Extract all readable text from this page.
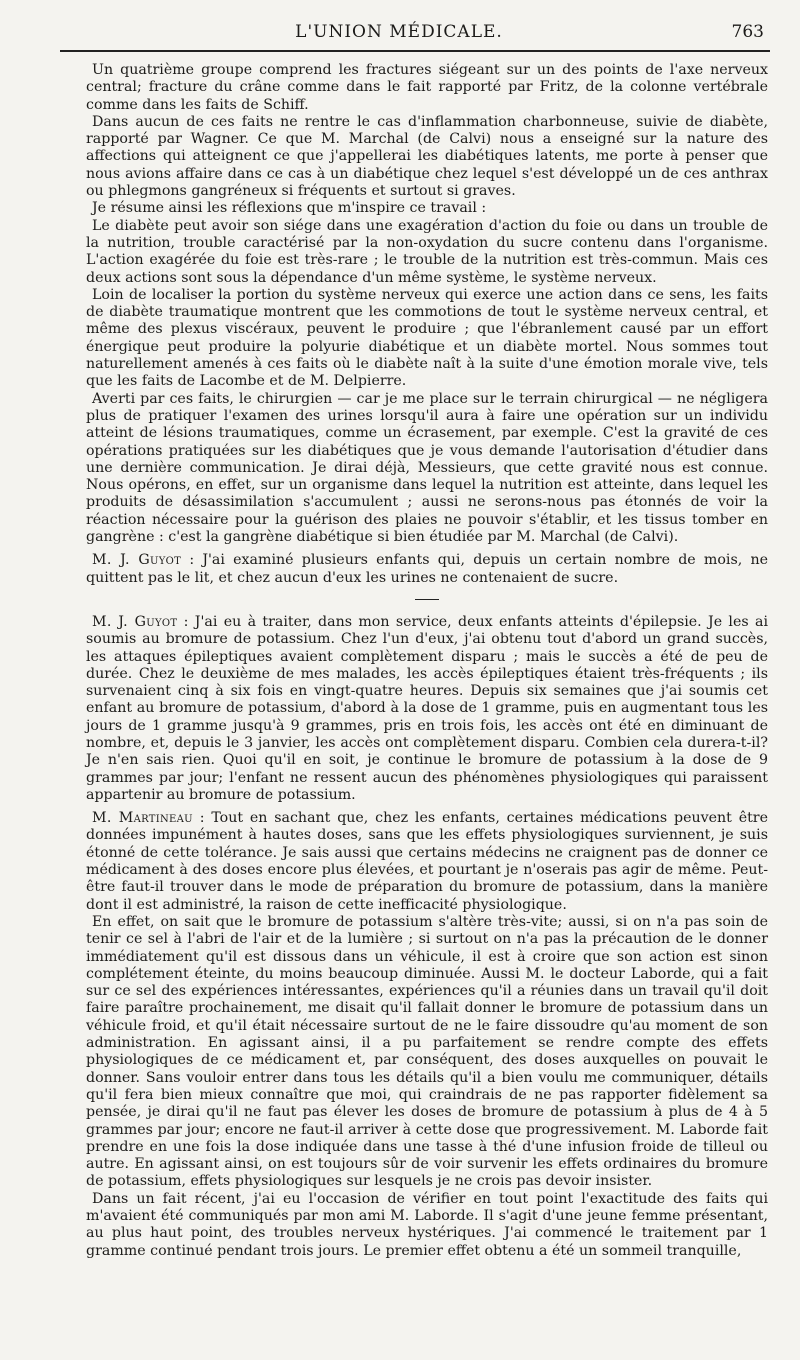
L'UNION MÉDICALE.	763

Un quatrième groupe comprend les fractures siégeant sur un des points de l'axe nerveux central; fracture du crâne comme dans le fait rapporté par Fritz, de la colonne vertébrale comme dans les faits de Schiff.

Dans aucun de ces faits ne rentre le cas d'inflammation charbonneuse, suivie de diabète, rapporté par Wagner. Ce que M. Marchal (de Calvi) nous a enseigné sur la nature des affections qui atteignent ce que j'appellerai les diabétiques latents, me porte à penser que nous avions affaire dans ce cas à un diabétique chez lequel s'est développé un de ces anthrax ou phlegmons gangréneux si fréquents et surtout si graves.

Je résume ainsi les réflexions que m'inspire ce travail :

Le diabète peut avoir son siége dans une exagération d'action du foie ou dans un trouble de la nutrition, trouble caractérisé par la non-oxydation du sucre contenu dans l'organisme. L'action exagérée du foie est très-rare ; le trouble de la nutrition est très-commun. Mais ces deux actions sont sous la dépendance d'un même système, le système nerveux.

Loin de localiser la portion du système nerveux qui exerce une action dans ce sens, les faits de diabète traumatique montrent que les commotions de tout le système nerveux central, et même des plexus viscéraux, peuvent le produire ; que l'ébranlement causé par un effort énergique peut produire la polyurie diabétique et un diabète mortel. Nous sommes tout naturellement amenés à ces faits où le diabète naît à la suite d'une émotion morale vive, tels que les faits de Lacombe et de M. Delpierre.

Averti par ces faits, le chirurgien — car je me place sur le terrain chirurgical — ne négligera plus de pratiquer l'examen des urines lorsqu'il aura à faire une opération sur un individu atteint de lésions traumatiques, comme un écrasement, par exemple. C'est la gravité de ces opérations pratiquées sur les diabétiques que je vous demande l'autorisation d'étudier dans une dernière communication. Je dirai déjà, Messieurs, que cette gravité nous est connue. Nous opérons, en effet, sur un organisme dans lequel la nutrition est atteinte, dans lequel les produits de désassimilation s'accumulent ; aussi ne serons-nous pas étonnés de voir la réaction nécessaire pour la guérison des plaies ne pouvoir s'établir, et les tissus tomber en gangrène : c'est la gangrène diabétique si bien étudiée par M. Marchal (de Calvi).

M. J. Guyot : J'ai examiné plusieurs enfants qui, depuis un certain nombre de mois, ne quittent pas le lit, et chez aucun d'eux les urines ne contenaient de sucre.

M. J. Guyot : J'ai eu à traiter, dans mon service, deux enfants atteints d'épilepsie. Je les ai soumis au bromure de potassium. Chez l'un d'eux, j'ai obtenu tout d'abord un grand succès, les attaques épileptiques avaient complètement disparu ; mais le succès a été de peu de durée. Chez le deuxième de mes malades, les accès épileptiques étaient très-fréquents ; ils survenaient cinq à six fois en vingt-quatre heures. Depuis six semaines que j'ai soumis cet enfant au bromure de potassium, d'abord à la dose de 1 gramme, puis en augmentant tous les jours de 1 gramme jusqu'à 9 grammes, pris en trois fois, les accès ont été en diminuant de nombre, et, depuis le 3 janvier, les accès ont complètement disparu. Combien cela durera-t-il? Je n'en sais rien. Quoi qu'il en soit, je continue le bromure de potassium à la dose de 9 grammes par jour; l'enfant ne ressent aucun des phénomènes physiologiques qui paraissent appartenir au bromure de potassium.

M. Martineau : Tout en sachant que, chez les enfants, certaines médications peuvent être données impunément à hautes doses, sans que les effets physiologiques surviennent, je suis étonné de cette tolérance. Je sais aussi que certains médecins ne craignent pas de donner ce médicament à des doses encore plus élevées, et pourtant je n'oserais pas agir de même. Peut-être faut-il trouver dans le mode de préparation du bromure de potassium, dans la manière dont il est administré, la raison de cette inefficacité physiologique.

En effet, on sait que le bromure de potassium s'altère très-vite; aussi, si on n'a pas soin de tenir ce sel à l'abri de l'air et de la lumière ; si surtout on n'a pas la précaution de le donner immédiatement qu'il est dissous dans un véhicule, il est à croire que son action est sinon complétement éteinte, du moins beaucoup diminuée. Aussi M. le docteur Laborde, qui a fait sur ce sel des expériences intéressantes, expériences qu'il a réunies dans un travail qu'il doit faire paraître prochainement, me disait qu'il fallait donner le bromure de potassium dans un véhicule froid, et qu'il était nécessaire surtout de ne le faire dissoudre qu'au moment de son administration. En agissant ainsi, il a pu parfaitement se rendre compte des effets physiologiques de ce médicament et, par conséquent, des doses auxquelles on pouvait le donner. Sans vouloir entrer dans tous les détails qu'il a bien voulu me communiquer, détails qu'il fera bien mieux connaître que moi, qui craindrais de ne pas rapporter fidèlement sa pensée, je dirai qu'il ne faut pas élever les doses de bromure de potassium à plus de 4 à 5 grammes par jour; encore ne faut-il arriver à cette dose que progressivement. M. Laborde fait prendre en une fois la dose indiquée dans une tasse à thé d'une infusion froide de tilleul ou autre. En agissant ainsi, on est toujours sûr de voir survenir les effets ordinaires du bromure de potassium, effets physiologiques sur lesquels je ne crois pas devoir insister.

Dans un fait récent, j'ai eu l'occasion de vérifier en tout point l'exactitude des faits qui m'avaient été communiqués par mon ami M. Laborde. Il s'agit d'une jeune femme présentant, au plus haut point, des troubles nerveux hystériques. J'ai commencé le traitement par 1 gramme continué pendant trois jours. Le premier effet obtenu a été un sommeil tranquille,
